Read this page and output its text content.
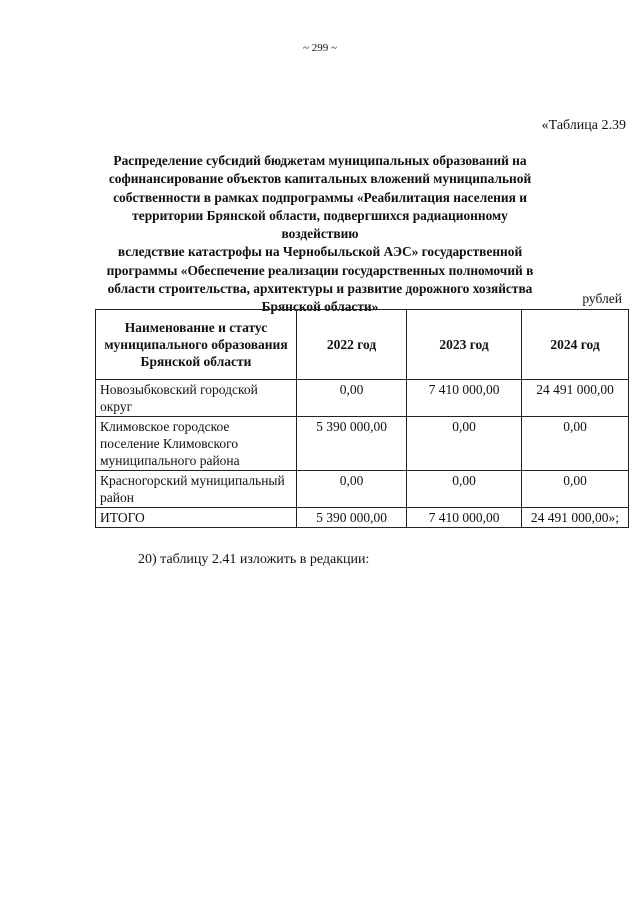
~ 299 ~
«Таблица 2.39
Распределение субсидий бюджетам муниципальных образований на
софинансирование объектов капитальных вложений муниципальной
собственности в рамках подпрограммы «Реабилитация населения и
территории Брянской области, подвергшихся радиационному воздействию
вследствие катастрофы на Чернобыльской АЭС» государственной
программы «Обеспечение реализации государственных полномочий в
области строительства, архитектуры и развитие дорожного хозяйства
Брянской области»
рублей
Наименование и статус муниципального образования Брянской области	2022 год	2023 год	2024 год
Новозыбковский городской округ	0,00	7 410 000,00	24 491 000,00
Климовское городское поселение Климовского муниципального района	5 390 000,00	0,00	0,00
Красногорский муниципальный район	0,00	0,00	0,00
ИТОГО	5 390 000,00	7 410 000,00	24 491 000,00»;
20) таблицу 2.41 изложить в редакции:
